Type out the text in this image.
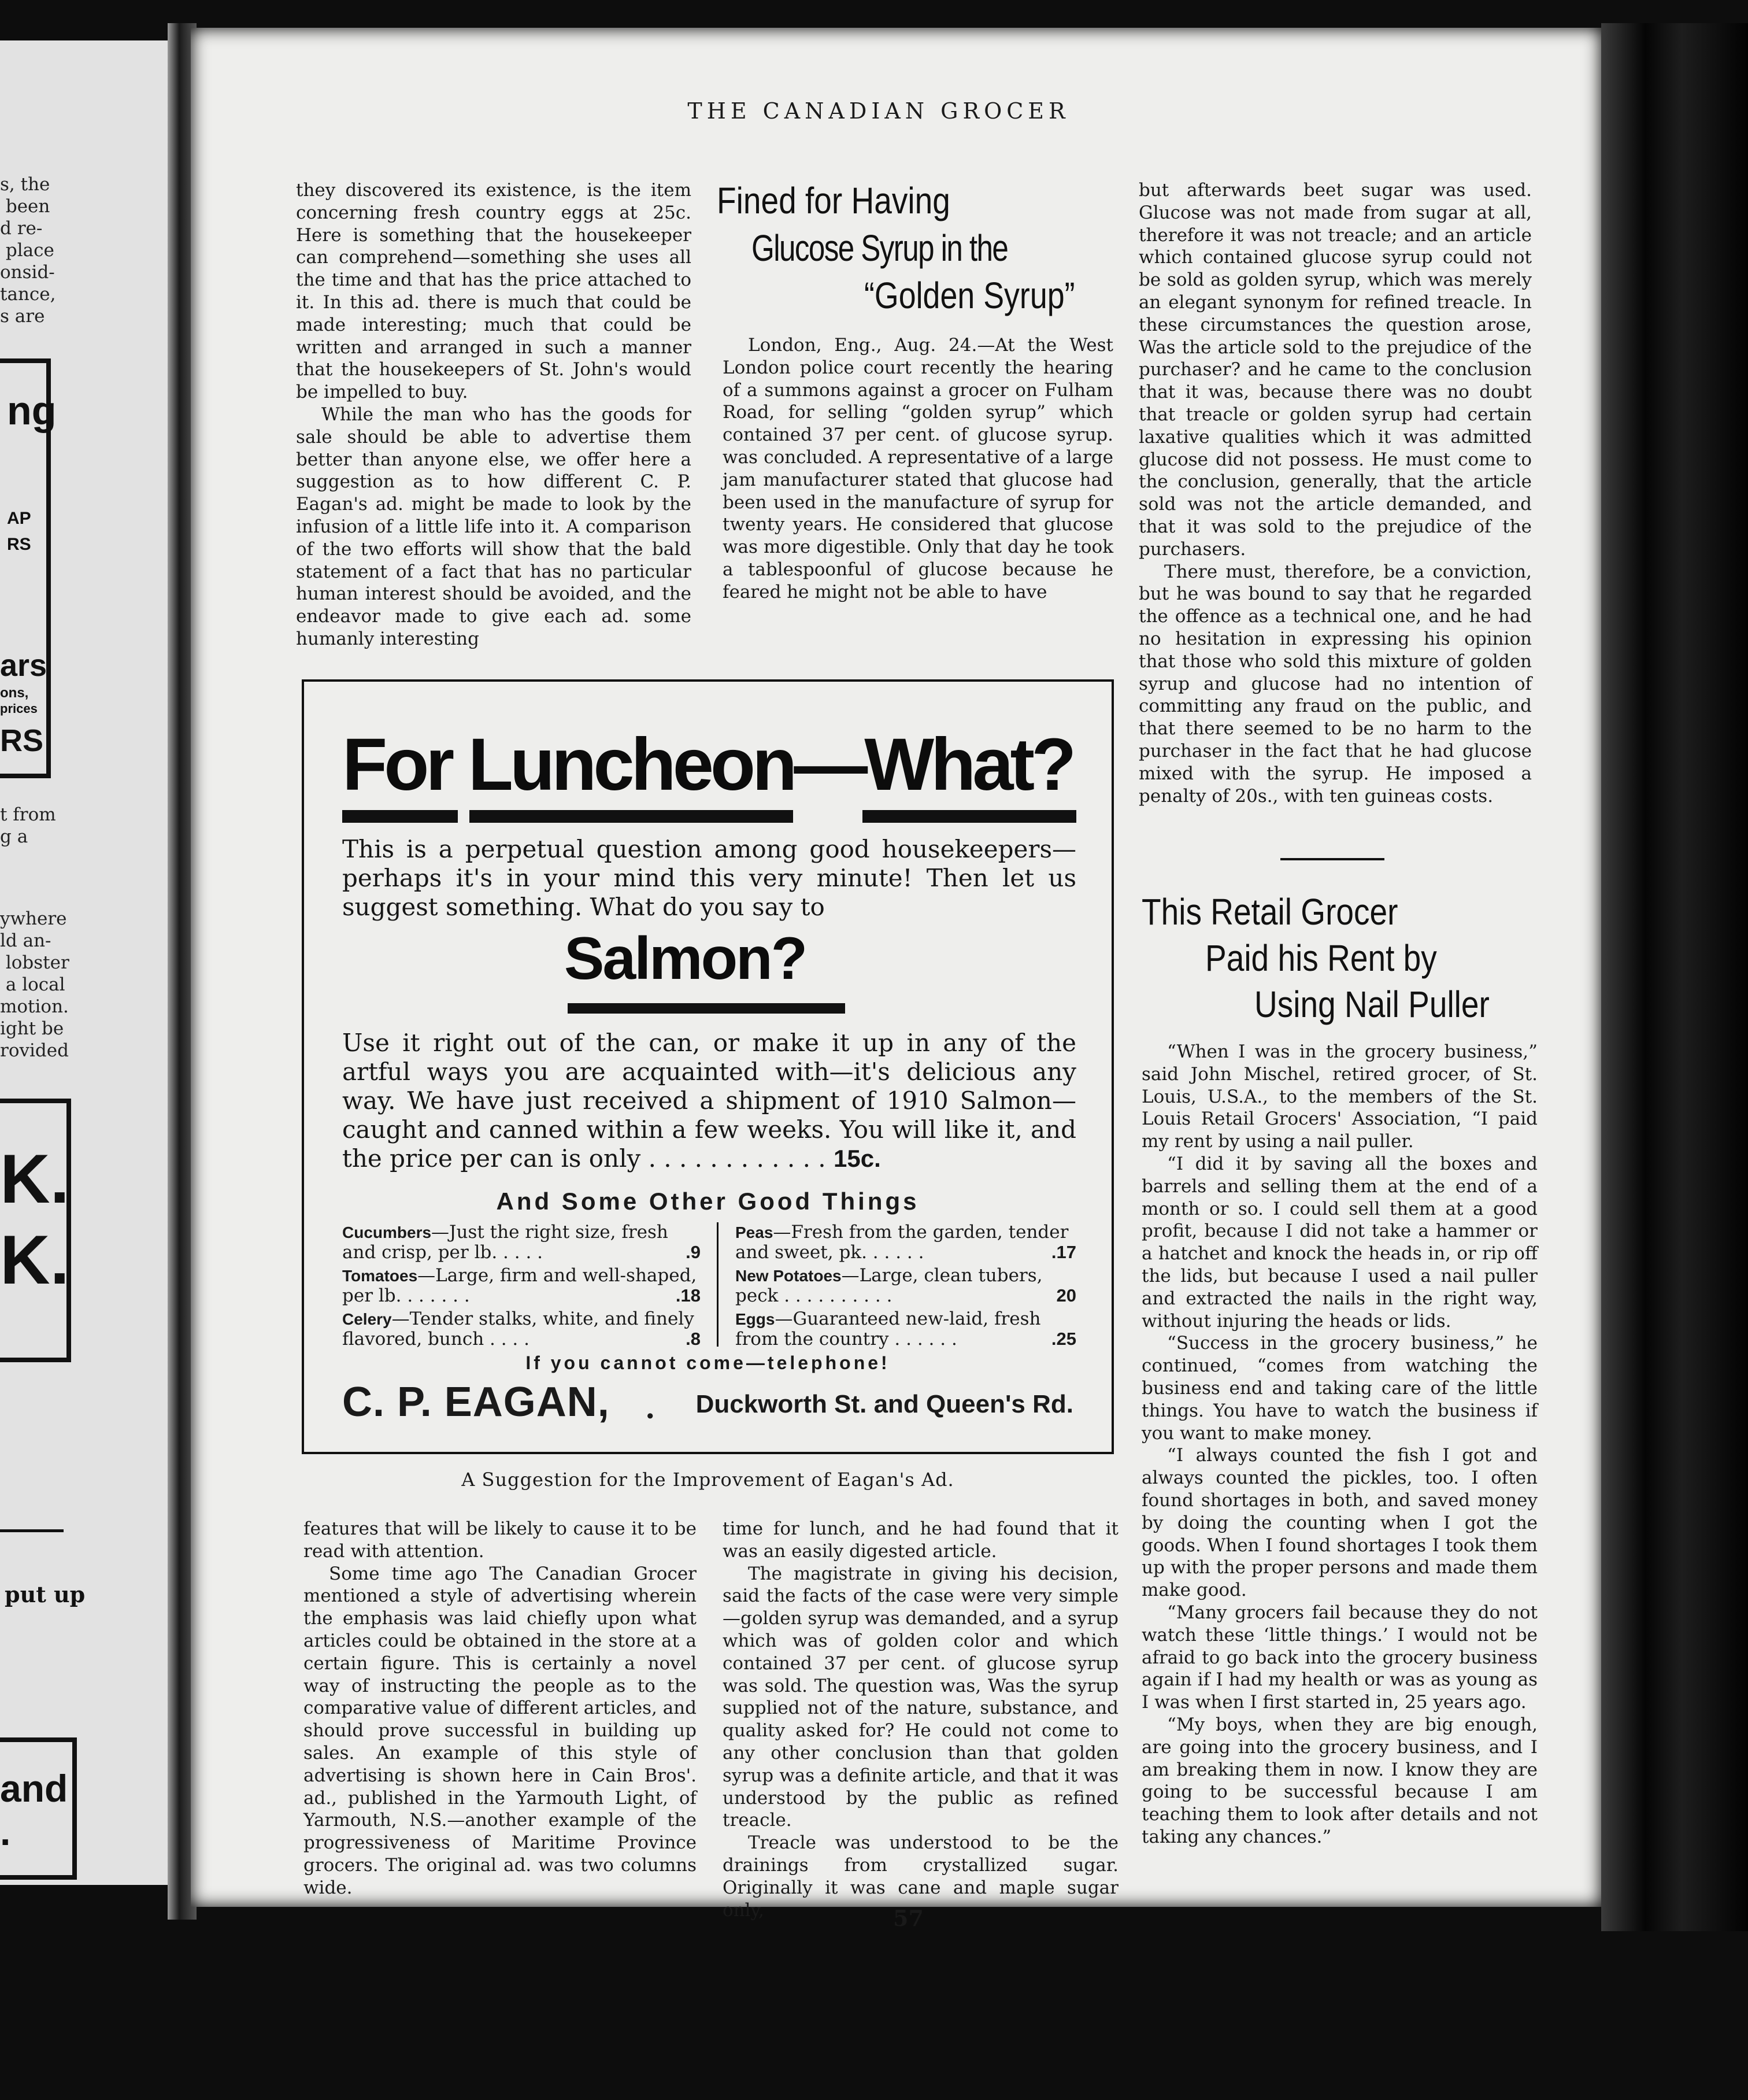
s, the
been
d re-
place
onsid-
tance,
s are
t from
g a
ywhere
ld an-
lobster
a local
motion.
ight be
rovided
ng
AP
RS
ars
ons,
prices
RS
K.
K.
put up
and
.
THE CANADIAN GROCER

they discovered its existence, is the item concerning fresh country eggs at 25c. Here is something that the housekeeper can comprehend—something she uses all the time and that has the price attached to it. In this ad. there is much that could be made interesting; much that could be written and arranged in such a manner that the housekeepers of St. John's would be impelled to buy.

While the man who has the goods for sale should be able to advertise them better than anyone else, we offer here a suggestion as to how different C. P. Eagan's ad. might be made to look by the infusion of a little life into it. A comparison of the two efforts will show that the bald statement of a fact that has no particular human interest should be avoided, and the endeavor made to give each ad. some humanly interesting

Fined for Having
Glucose Syrup in the
“Golden Syrup”

London, Eng., Aug. 24.—At the West London police court recently the hearing of a summons against a grocer on Fulham Road, for selling “golden syrup” which contained 37 per cent. of glucose syrup. was concluded. A representative of a large jam manufacturer stated that glucose had been used in the manufacture of syrup for twenty years. He considered that glucose was more digestible. Only that day he took a tablespoonful of glucose because he feared he might not be able to have

but afterwards beet sugar was used. Glucose was not made from sugar at all, therefore it was not treacle; and an article which contained glucose syrup could not be sold as golden syrup, which was merely an elegant synonym for refined treacle. In these circumstances the question arose, Was the article sold to the prejudice of the purchaser? and he came to the conclusion that it was, because there was no doubt that treacle or golden syrup had certain laxative qualities which it was admitted glucose did not possess. He must come to the conclusion, generally, that the article sold was not the article demanded, and that it was sold to the prejudice of the purchasers.

There must, therefore, be a conviction, but he was bound to say that he regarded the offence as a technical one, and he had no hesitation in expressing his opinion that those who sold this mixture of golden syrup and glucose had no intention of committing any fraud on the public, and that there seemed to be no harm to the purchaser in the fact that he had glucose mixed with the syrup. He imposed a penalty of 20s., with ten guineas costs.

This Retail Grocer
Paid his Rent by
Using Nail Puller

“When I was in the grocery business,” said John Mischel, retired grocer, of St. Louis, U.S.A., to the members of the St. Louis Retail Grocers' Association, “I paid my rent by using a nail puller.

“I did it by saving all the boxes and barrels and selling them at the end of a month or so. I could sell them at a good profit, because I did not take a hammer or a hatchet and knock the heads in, or rip off the lids, but because I used a nail puller and extracted the nails in the right way, without injuring the heads or lids.

“Success in the grocery business,” he continued, “comes from watching the business end and taking care of the little things. You have to watch the business if you want to make money.

“I always counted the fish I got and always counted the pickles, too. I often found shortages in both, and saved money by doing the counting when I got the goods. When I found shortages I took them up with the proper persons and made them make good.

“Many grocers fail because they do not watch these ‘little things.’ I would not be afraid to go back into the grocery business again if I had my health or was as young as I was when I first started in, 25 years ago.

“My boys, when they are big enough, are going into the grocery business, and I am breaking them in now. I know they are going to be successful because I am teaching them to look after details and not taking any chances.”

For Luncheon—What?
This is a perpetual question among good housekeepers—perhaps it's in your mind this very minute! Then let us suggest something. What do you say to
Salmon?
Use it right out of the can, or make it up in any of the artful ways you are acquainted with—it's delicious any way. We have just received a shipment of 1910 Salmon—caught and canned within a few weeks. You will like it, and the price per can is only . . . . . . . . . . . . 15c.
And Some Other Good Things
Cucumbers—Just the right size, fresh and crisp, per lb. . . . .	.9
Tomatoes—Large, firm and well-shaped, per lb. . . . . . .	.18
Celery—Tender stalks, white, and finely flavored, bunch . . . .	.8
Peas—Fresh from the garden, tender and sweet, pk. . . . . .	.17
New Potatoes—Large, clean tubers, peck . . . . . . . . . .	20
Eggs—Guaranteed new-laid, fresh from the country . . . . . .	.25
If you cannot come—telephone!
C. P. EAGAN, · Duckworth St. and Queen's Rd.
A Suggestion for the Improvement of Eagan's Ad.

features that will be likely to cause it to be read with attention.

Some time ago The Canadian Grocer mentioned a style of advertising wherein the emphasis was laid chiefly upon what articles could be obtained in the store at a certain figure. This is certainly a novel way of instructing the people as to the comparative value of different articles, and should prove successful in building up sales. An example of this style of advertising is shown here in Cain Bros'. ad., published in the Yarmouth Light, of Yarmouth, N.S.—another example of the progressiveness of Maritime Province grocers. The original ad. was two columns wide.

time for lunch, and he had found that it was an easily digested article.

The magistrate in giving his decision, said the facts of the case were very simple—golden syrup was demanded, and a syrup which was of golden color and which contained 37 per cent. of glucose syrup was sold. The question was, Was the syrup supplied not of the nature, substance, and quality asked for? He could not come to any other conclusion than that golden syrup was a definite article, and that it was understood by the public as refined treacle.

Treacle was understood to be the drainings from crystallized sugar. Originally it was cane and maple sugar only,	57
